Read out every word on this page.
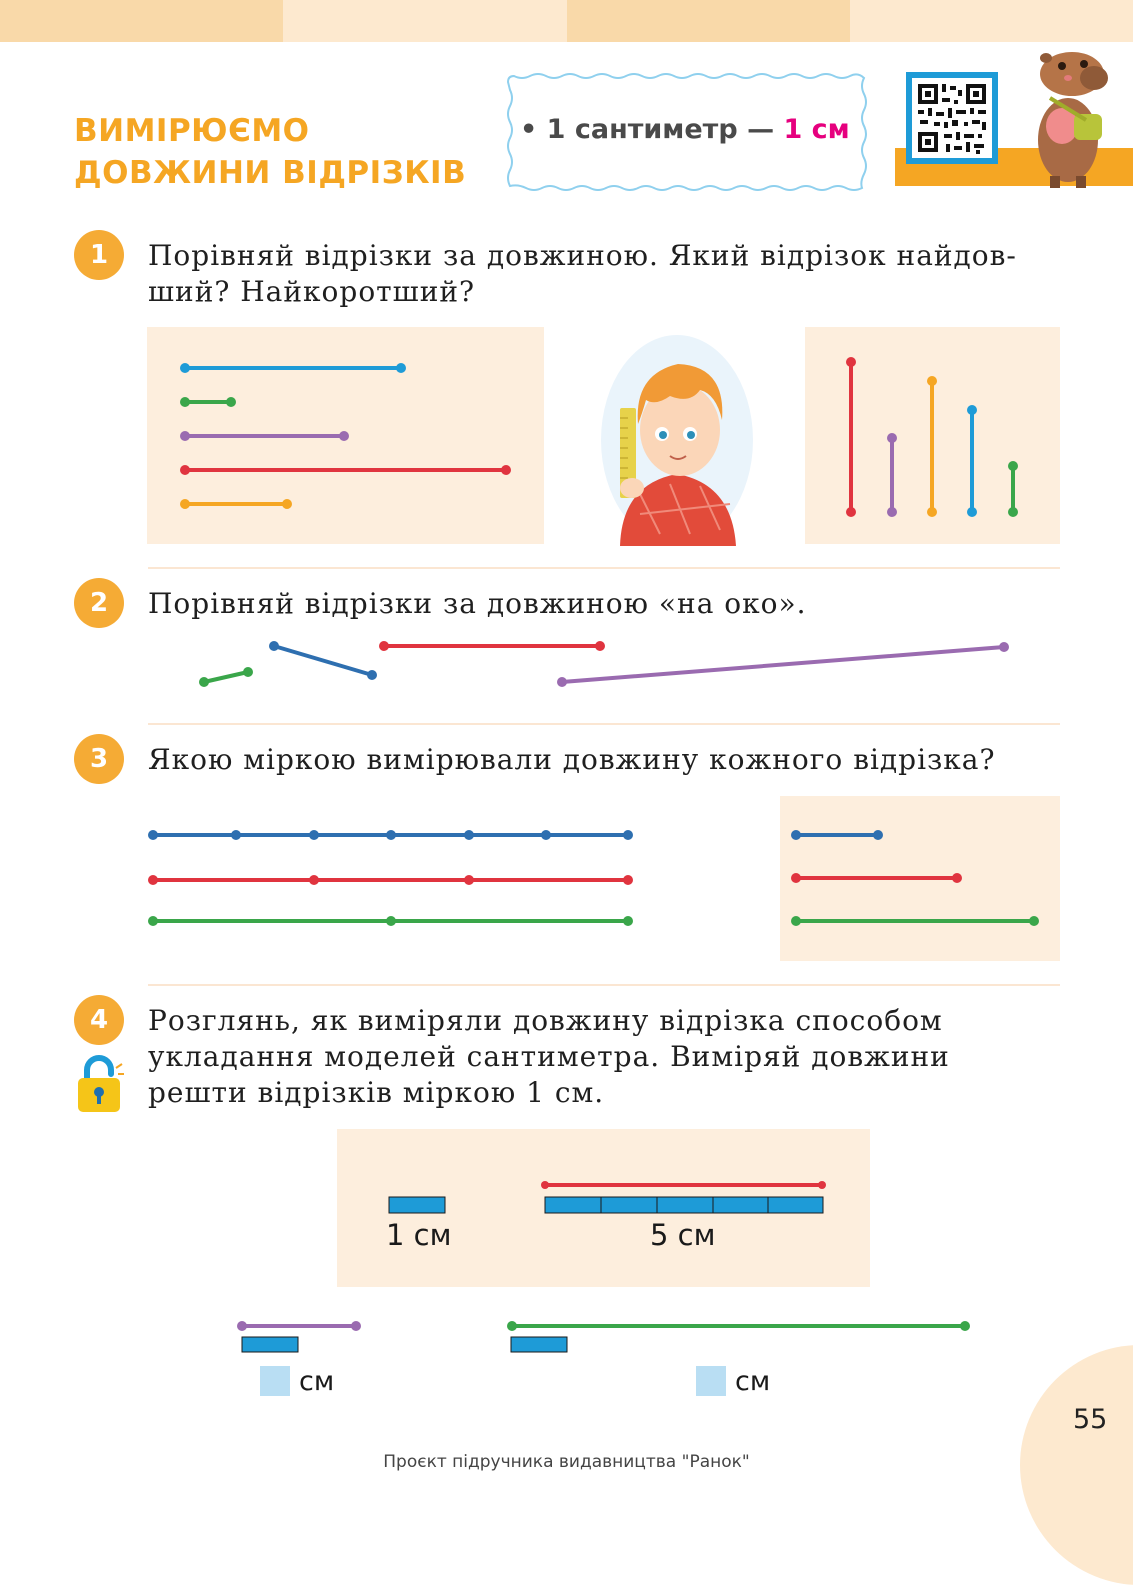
ВИМІРЮЄМО
ДОВЖИНИ ВІДРІЗКІВ
• 1 сантиметр — 1 см
1	Порівняй відрізки за довжиною. Який відрізок найдов-
ший? Найкоротший?

2	Порівняй відрізки за довжиною «на око».

3	Якою міркою вимірювали довжину кожного відрізка?

4	Розглянь, як виміряли довжину відрізка способом
укладання моделей сантиметра. Виміряй довжини
решти відрізків міркою 1 см.

1 см	5 см
см	см
55
Проєкт підручника видавництва "Ранок"
